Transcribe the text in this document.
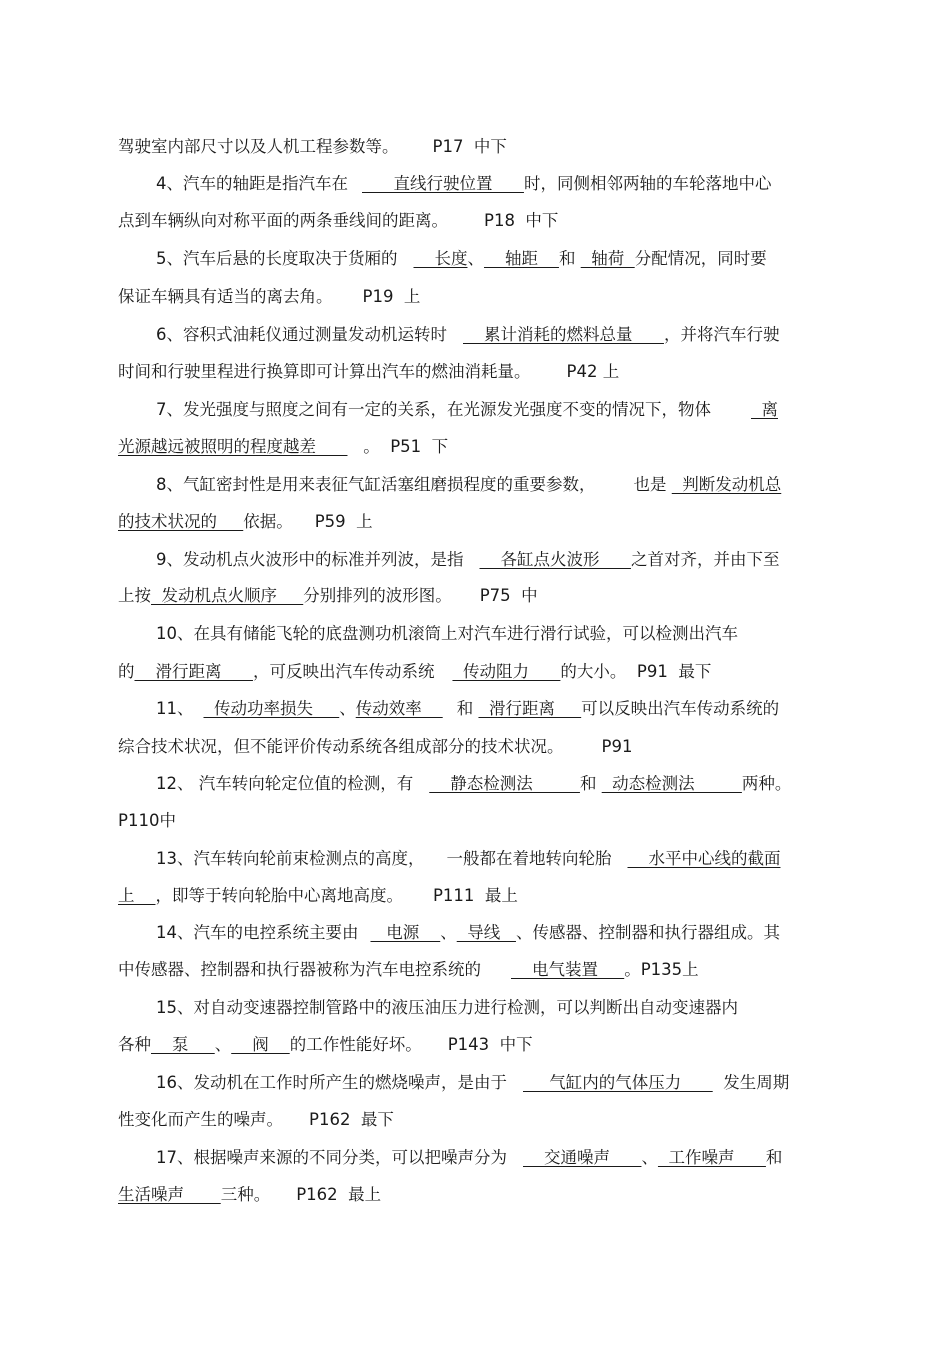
驾驶室内部尺寸以及人机工程参数等。 P17  中下
4、汽车的轴距是指汽车在      直线行驶位置      时，同侧相邻两轴的车轮落地中心
点到车辆纵向对称平面的两条垂线间的距离。 P18  中下
5、汽车后悬的长度取决于货厢的    长度、    轴距    和   轴荷  分配情况，同时要
保证车辆具有适当的离去角。 P19  上
6、容积式油耗仪通过测量发动机运转时    累计消耗的燃料总量      ，并将汽车行驶
时间和行驶里程进行换算即可计算出汽车的燃油消耗量。 P42 上
7、发光强度与照度之间有一定的关系，在光源发光强度不变的情况下，物体  离
光源越远被照明的程度越差         。  P51  下
8、气缸密封性是用来表征气缸活塞组磨损程度的重要参数， 也是   判断发动机总
的技术状况的     依据。 P59  上
9、发动机点火波形中的标准并列波，是指    各缸点火波形      之首对齐，并由下至
上按  发动机点火顺序     分别排列的波形图。 P75  中
10、在具有储能飞轮的底盘测功机滚筒上对汽车进行滑行试验，可以检测出汽车
的    滑行距离      ，可反映出汽车传动系统  传动阻力      的大小。  P91  最下
11、  传动功率损失     、传动效率    和   滑行距离     可以反映出汽车传动系统的
综合技术状况，但不能评价传动系统各组成部分的技术状况。 P91
12、 汽车转向轮定位值的检测，有    静态检测法         和   动态检测法         两种。
P110中
13、汽车转向轮前束检测点的高度， 一般都在着地转向轮胎    水平中心线的截面
上    ，即等于转向轮胎中心离地高度。 P111  最上
14、汽车的电控系统主要由   电源    、  导线   、传感器、控制器和执行器组成。其
中传感器、控制器和执行器被称为汽车电控系统的    电气装置     。P135上
15、对自动变速器控制管路中的液压油压力进行检测，可以判断出自动变速器内
各种    泵     、    阀    的工作性能好坏。 P143  中下
16、发动机在工作时所产生的燃烧噪声，是由于     气缸内的气体压力        发生周期
性变化而产生的噪声。 P162  最下
17、根据噪声来源的不同分类，可以把噪声分为    交通噪声      、  工作噪声      和
生活噪声       三种。 P162  最上
